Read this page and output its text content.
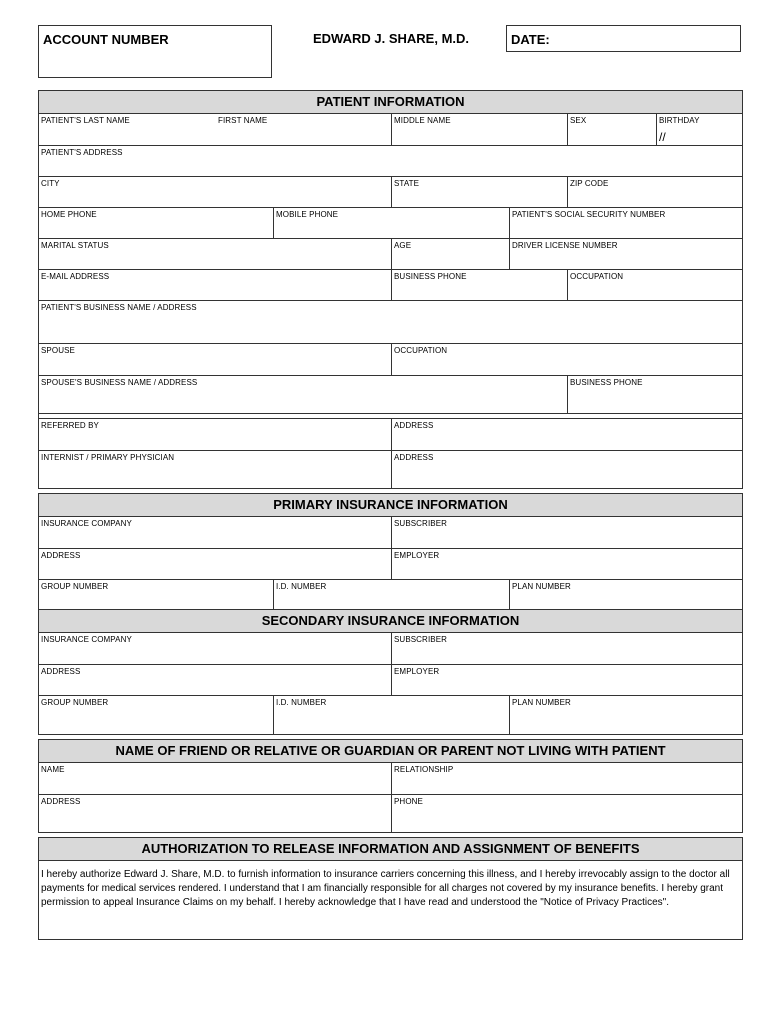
ACCOUNT NUMBER	EDWARD J. SHARE, M.D.	DATE:
PATIENT INFORMATION
PATIENT'S LAST NAME	FIRST NAME	MIDDLE NAME	SEX	BIRTHDAY
//
PATIENT'S ADDRESS
CITY	STATE	ZIP CODE
HOME PHONE	MOBILE PHONE	PATIENT'S SOCIAL SECURITY NUMBER
MARITAL STATUS	AGE	DRIVER LICENSE NUMBER
E-MAIL ADDRESS	BUSINESS PHONE	OCCUPATION
PATIENT'S BUSINESS NAME / ADDRESS
SPOUSE	OCCUPATION
SPOUSE'S BUSINESS NAME / ADDRESS	BUSINESS PHONE
REFERRED BY	ADDRESS
INTERNIST / PRIMARY PHYSICIAN	ADDRESS
PRIMARY INSURANCE INFORMATION
INSURANCE COMPANY	SUBSCRIBER
ADDRESS	EMPLOYER
GROUP NUMBER	I.D. NUMBER	PLAN NUMBER
SECONDARY INSURANCE INFORMATION
INSURANCE COMPANY	SUBSCRIBER
ADDRESS	EMPLOYER
GROUP NUMBER	I.D. NUMBER	PLAN NUMBER
NAME OF FRIEND OR RELATIVE OR GUARDIAN OR PARENT NOT LIVING WITH PATIENT
NAME	RELATIONSHIP
ADDRESS	PHONE
AUTHORIZATION TO RELEASE INFORMATION AND ASSIGNMENT OF BENEFITS
I hereby authorize Edward J. Share, M.D. to furnish information to insurance carriers concerning this illness, and I hereby irrevocably assign to the doctor all payments for medical services rendered. I understand that I am financially responsible for all charges not covered by my insurance benefits. I hereby grant permission to appeal Insurance Claims on my behalf. I hereby acknowledge that I have read and understood the "Notice of Privacy Practices".
